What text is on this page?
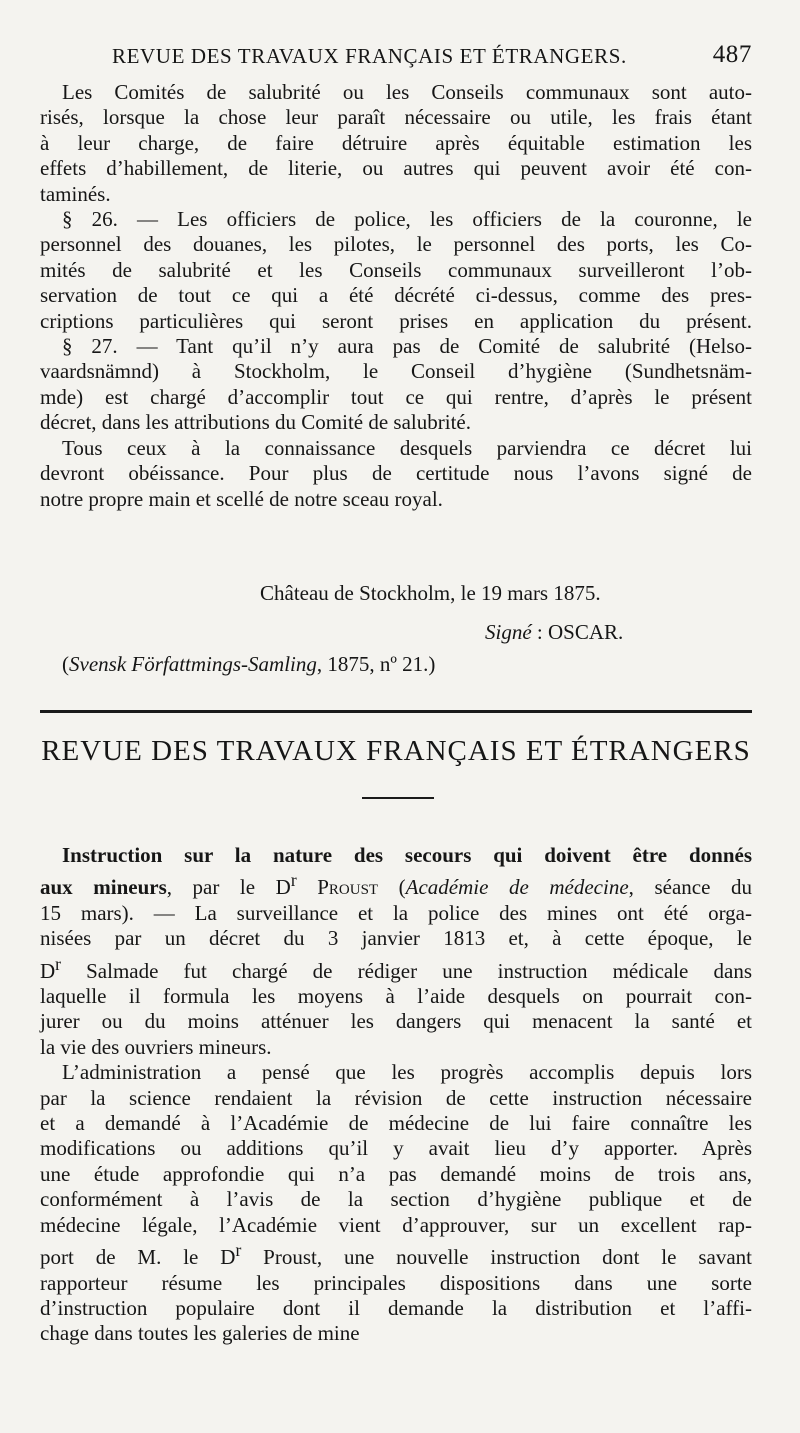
REVUE DES TRAVAUX FRANÇAIS ET ÉTRANGERS.	487
Les Comités de salubrité ou les Conseils communaux sont auto-
risés, lorsque la chose leur paraît nécessaire ou utile, les frais étant
à leur charge, de faire détruire après équitable estimation les
effets d’habillement, de literie, ou autres qui peuvent avoir été con-
taminés.
§ 26. — Les officiers de police, les officiers de la couronne, le
personnel des douanes, les pilotes, le personnel des ports, les Co-
mités de salubrité et les Conseils communaux surveilleront l’ob-
servation de tout ce qui a été décrété ci-dessus, comme des pres-
criptions particulières qui seront prises en application du présent.
§ 27. — Tant qu’il n’y aura pas de Comité de salubrité (Helso-
vaardsnämnd) à Stockholm, le Conseil d’hygiène (Sundhetsnäm-
mde) est chargé d’accomplir tout ce qui rentre, d’après le présent
décret, dans les attributions du Comité de salubrité.
Tous ceux à la connaissance desquels parviendra ce décret lui
devront obéissance. Pour plus de certitude nous l’avons signé de
notre propre main et scellé de notre sceau royal.
Château de Stockholm, le 19 mars 1875.
Signé : OSCAR.
(Svensk Författmings-Samling, 1875, nº 21.)
REVUE DES TRAVAUX FRANÇAIS ET ÉTRANGERS
Instruction sur la nature des secours qui doivent être donnés
aux mineurs, par le $D^r$ Proust (Académie de médecine, séance du
15 mars). — La surveillance et la police des mines ont été orga-
nisées par un décret du 3 janvier 1813 et, à cette époque, le
$D^r$ Salmade fut chargé de rédiger une instruction médicale dans
laquelle il formula les moyens à l’aide desquels on pourrait con-
jurer ou du moins atténuer les dangers qui menacent la santé et
la vie des ouvriers mineurs.
L’administration a pensé que les progrès accomplis depuis lors
par la science rendaient la révision de cette instruction nécessaire
et a demandé à l’Académie de médecine de lui faire connaître les
modifications ou additions qu’il y avait lieu d’y apporter. Après
une étude approfondie qui n’a pas demandé moins de trois ans,
conformément à l’avis de la section d’hygiène publique et de
médecine légale, l’Académie vient d’approuver, sur un excellent rap-
port de M. le $D^r$ Proust, une nouvelle instruction dont le savant
rapporteur résume les principales dispositions dans une sorte
d’instruction populaire dont il demande la distribution et l’affi-
chage dans toutes les galeries de mine
